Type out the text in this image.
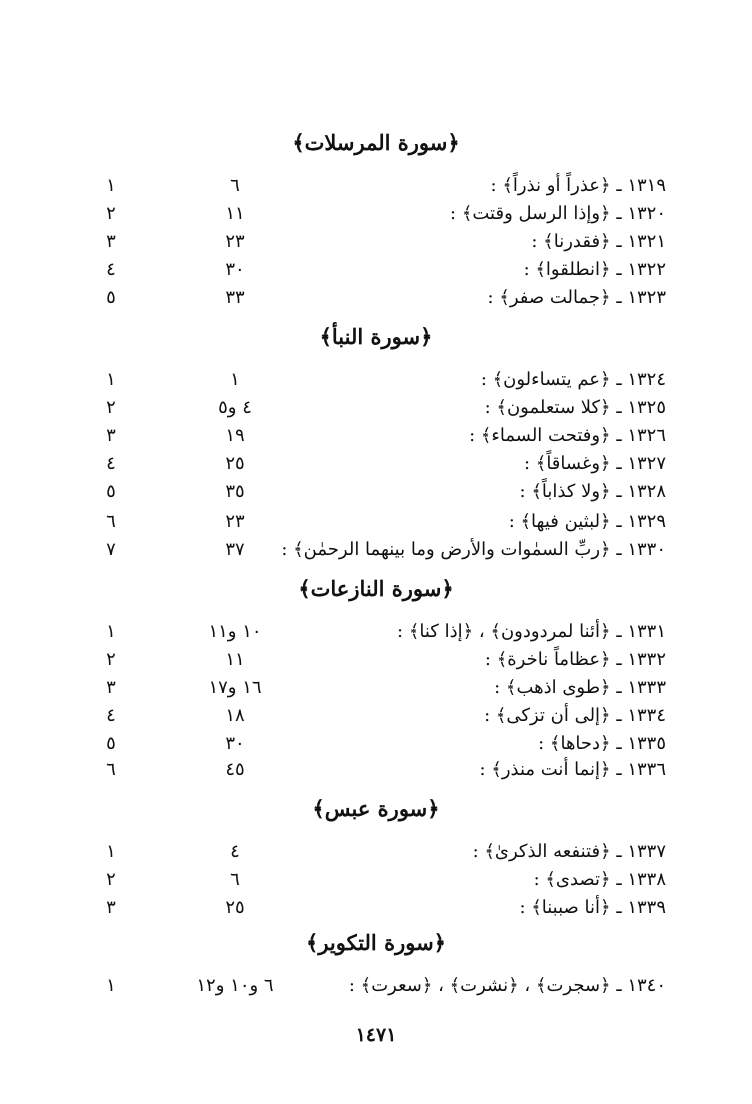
﴿سورة المرسلات﴾
١٣١٩ ـ ﴿عذراً أو نذراً﴾ :
٦
١
١٣٢٠ ـ ﴿وإذا الرسل وقتت﴾ :
١١
٢
١٣٢١ ـ ﴿فقدرنا﴾ :
٢٣
٣
١٣٢٢ ـ ﴿انطلقوا﴾ :
٣٠
٤
١٣٢٣ ـ ﴿جمالت صفر﴾ :
٣٣
٥
﴿سورة النبأ﴾
١٣٢٤ ـ ﴿عم يتساءلون﴾ :
١
١
١٣٢٥ ـ ﴿كلا ستعلمون﴾ :
٤ و٥
٢
١٣٢٦ ـ ﴿وفتحت السماء﴾ :
١٩
٣
١٣٢٧ ـ ﴿وغساقاً﴾ :
٢٥
٤
١٣٢٨ ـ ﴿ولا كذاباً﴾ :
٣٥
٥
١٣٢٩ ـ ﴿لبثين فيها﴾ :
٢٣
٦
١٣٣٠ ـ ﴿ربِّ السمٰوات والأرض وما بينهما الرحمٰن﴾ :
٣٧
٧
﴿سورة النازعات﴾
١٣٣١ ـ ﴿أئنا لمردودون﴾ ، ﴿إذا كنا﴾ :
١٠ و١١
١
١٣٣٢ ـ ﴿عظاماً ناخرة﴾ :
١١
٢
١٣٣٣ ـ ﴿طوى اذهب﴾ :
١٦ و١٧
٣
١٣٣٤ ـ ﴿إلى أن تزكى﴾ :
١٨
٤
١٣٣٥ ـ ﴿دحاها﴾ :
٣٠
٥
١٣٣٦ ـ ﴿إنما أنت منذر﴾ :
٤٥
٦
﴿سورة عبس﴾
١٣٣٧ ـ ﴿فتنفعه الذكرىٰ﴾ :
٤
١
١٣٣٨ ـ ﴿تصدى﴾ :
٦
٢
١٣٣٩ ـ ﴿أنا صببنا﴾ :
٢٥
٣
﴿سورة التكوير﴾
١٣٤٠ ـ ﴿سجرت﴾ ، ﴿نشرت﴾ ، ﴿سعرت﴾ :
٦ و١٠ و١٢
١
١٤٧١
